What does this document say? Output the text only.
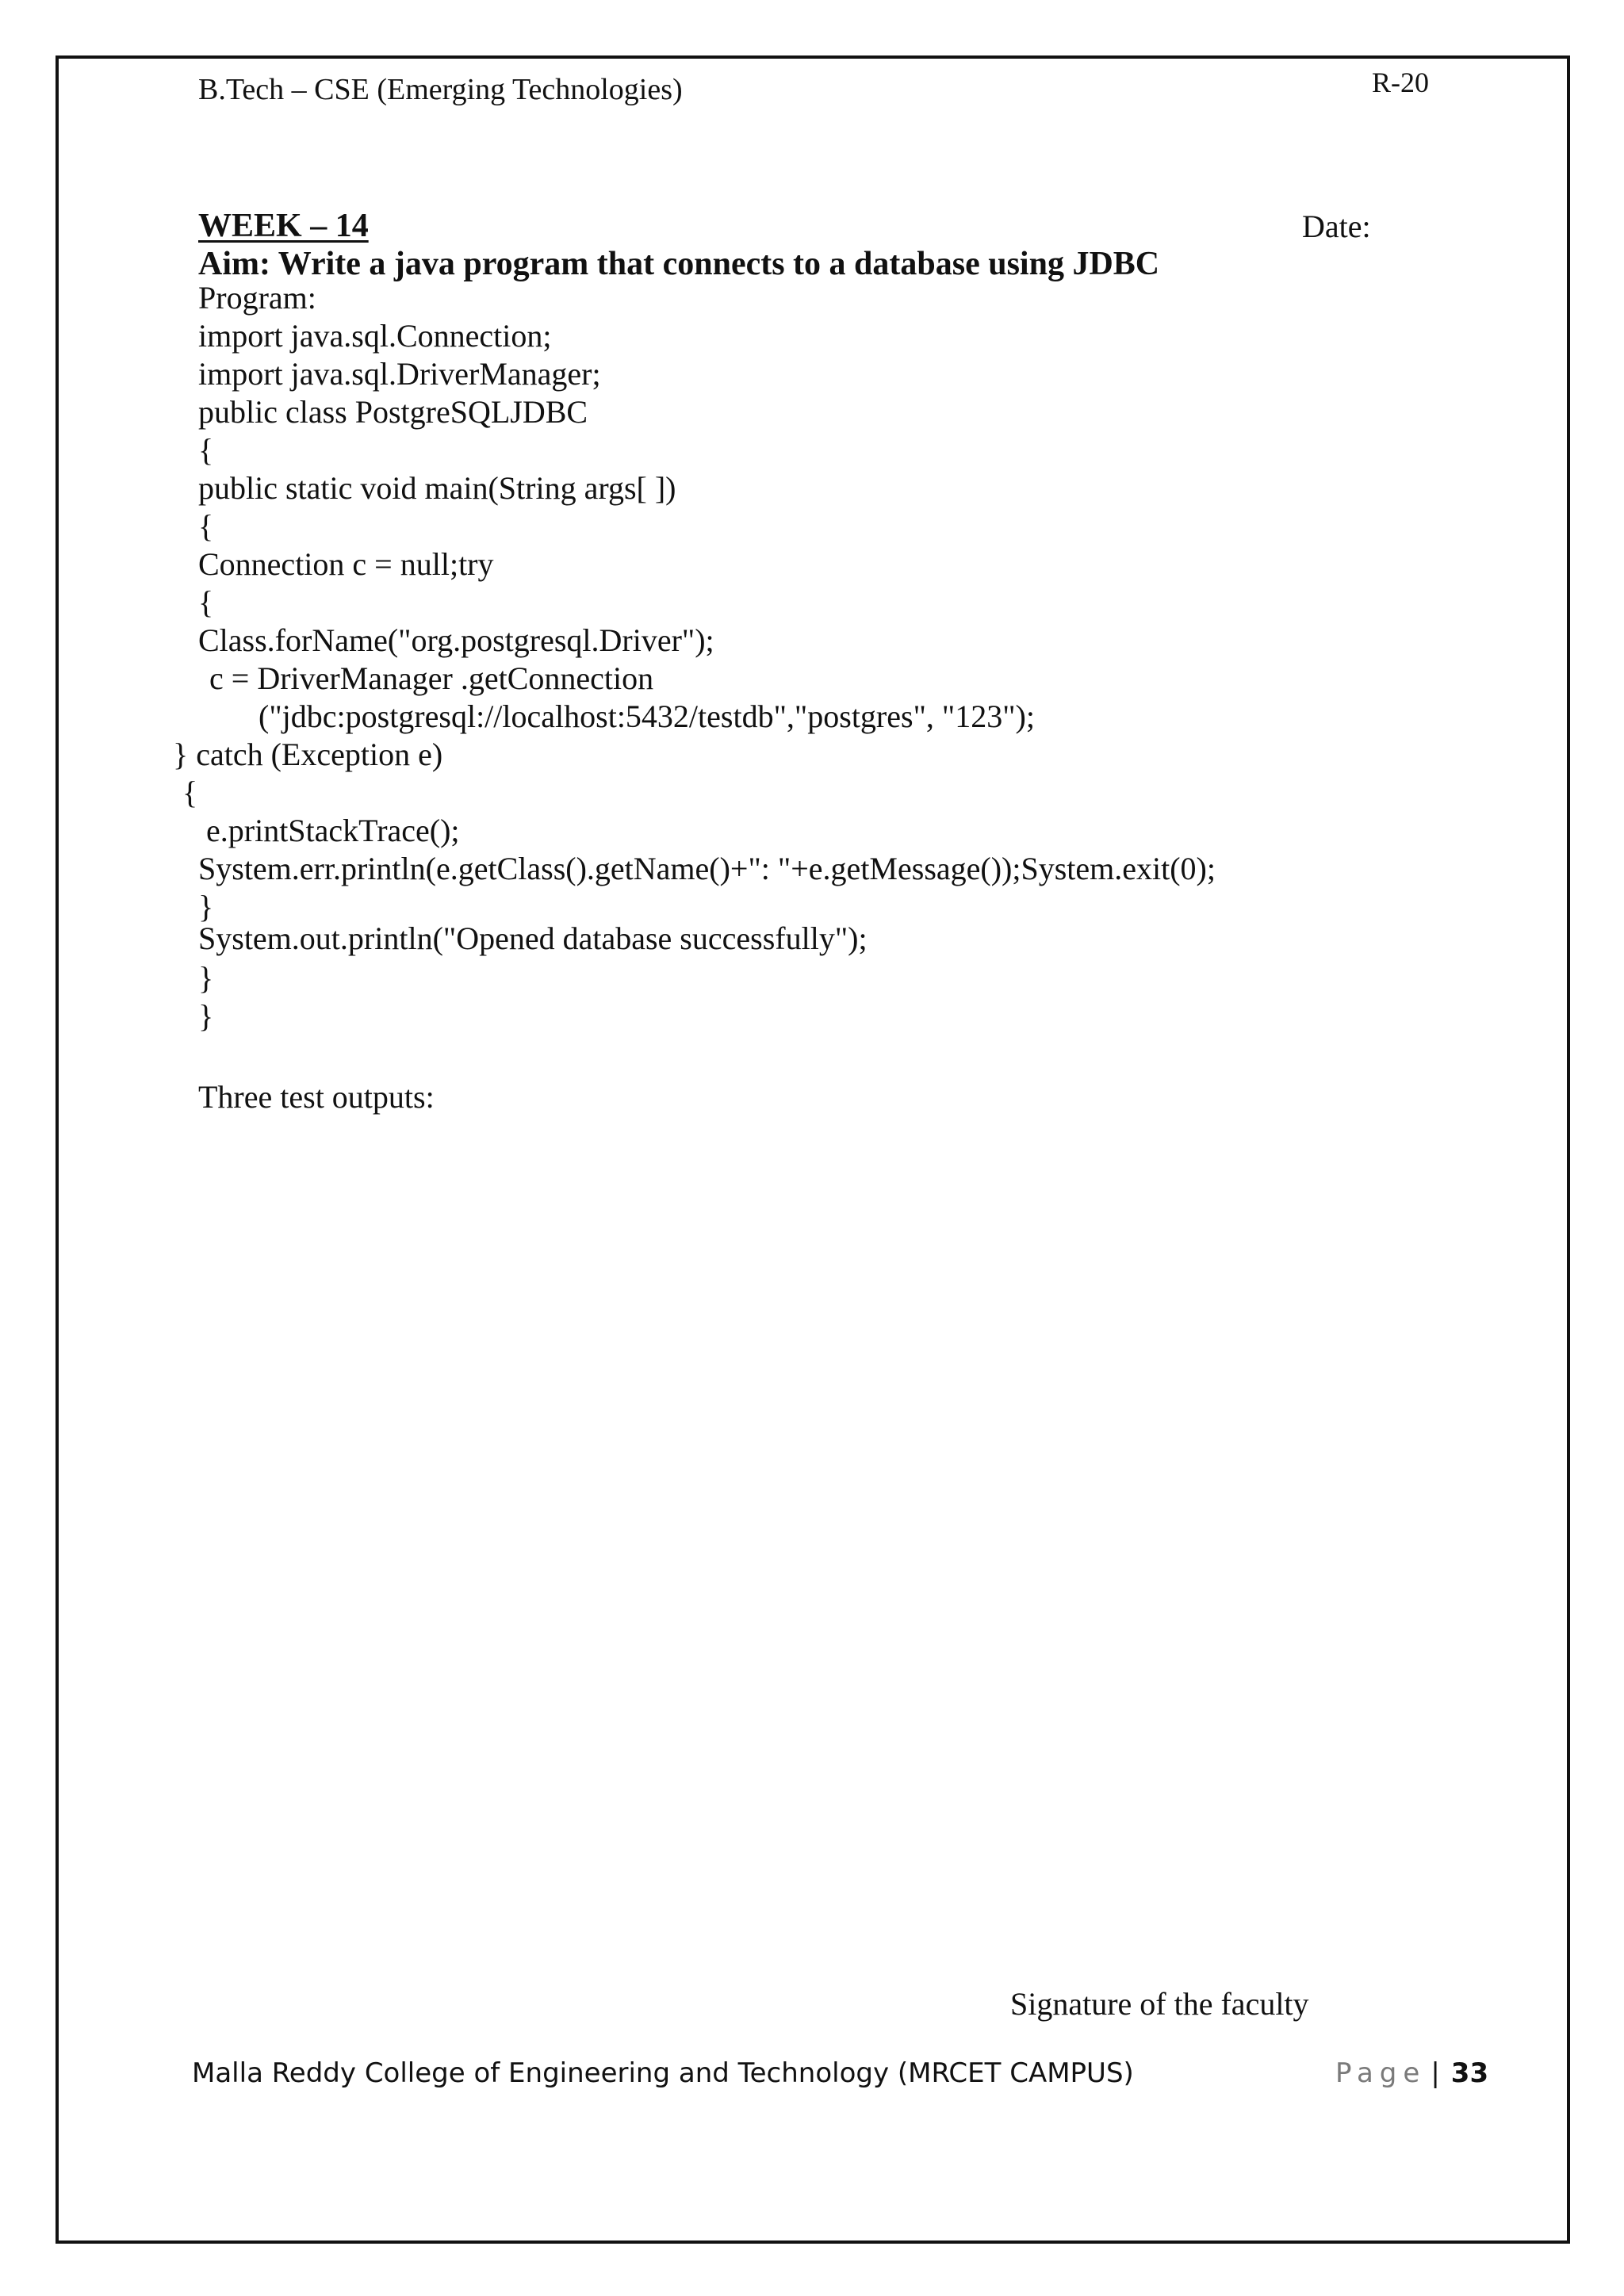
B.Tech – CSE (Emerging Technologies)	R-20
WEEK – 14	Date:
Aim: Write a java program that connects to a database using JDBC
Program:
import java.sql.Connection;
import java.sql.DriverManager;
public class PostgreSQLJDBC
{
public static void main(String args[ ])
{
Connection c = null;try
{
Class.forName("org.postgresql.Driver");
c = DriverManager .getConnection
("jdbc:postgresql://localhost:5432/testdb","postgres", "123");
} catch (Exception e)
{
e.printStackTrace();
System.err.println(e.getClass().getName()+": "+e.getMessage());System.exit(0);
}
System.out.println("Opened database successfully");
}
}
Three test outputs:
Signature of the faculty
Malla Reddy College of Engineering and Technology (MRCET CAMPUS)	Page | 33
